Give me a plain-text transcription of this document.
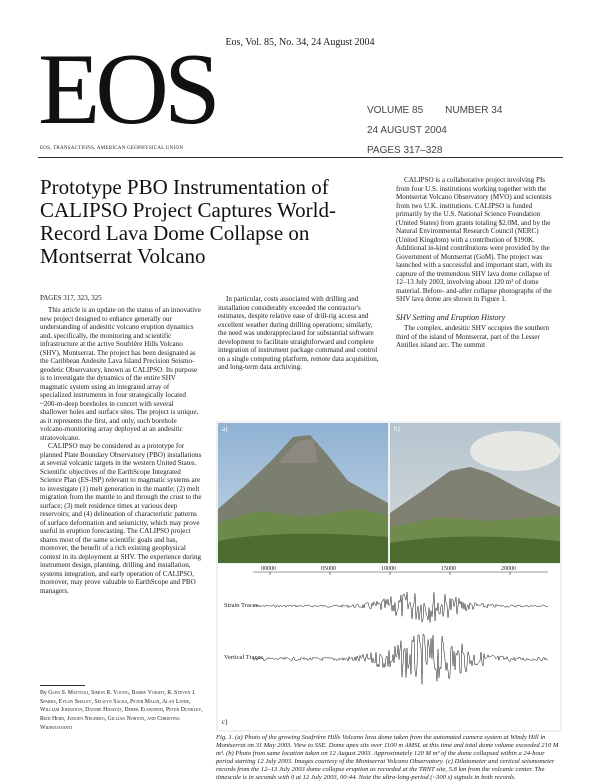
Eos, Vol. 85, No. 34, 24 August 2004
EOS
EOS, TRANSACTIONS, AMERICAN GEOPHYSICAL UNION
VOLUME 85 NUMBER 34
24 AUGUST 2004
PAGES 317–328
Prototype PBO Instrumentation of CALIPSO Project Captures World-Record Lava Dome Collapse on Montserrat Volcano
PAGES 317, 323, 325

This article is an update on the status of an innovative new project designed to enhance generally our understanding of andesitic volcano eruption dynamics and, specifically, the monitoring and scientific infrastructure at the active Soufrière Hills Volcano (SHV), Montserrat. The project has been designated as the Caribbean Andesite Lava Island Precision Seismo-geodetic Observatory, known as CALIPSO. Its purpose is to investigate the dynamics of the entire SHV magmatic system using an integrated array of specialized instruments in four strategically located ~200-m-deep boreholes in concert with several shallower holes and surface sites. The project is unique, as it represents the first, and only, such borehole volcano-monitoring array deployed at an andesitic stratovolcano.

CALIPSO may be considered as a prototype for planned Plate Boundary Observatory (PBO) installations at several volcanic targets in the western United States. Scientific objectives of the EarthScope Integrated Science Plan (ES-ISP) relevant to magmatic systems are to investigate (1) melt generation in the mantle; (2) melt migration from the mantle to and through the crust to the surface; (3) melt residence times at various deep reservoirs; and (4) delineation of characteristic patterns of surface deformation and seismicity, which may prove useful in eruption forecasting. The CALIPSO project shares most of the same scientific goals and has, moreover, the benefit of a rich existing geophysical context in its deployment at SHV. The experience during instrument design, planning, drilling and installation, systems integration, and early operation of CALIPSO, moreover, may prove valuable to EarthScope and PBO managers.

In particular, costs associated with drilling and installation considerably exceeded the contractor's estimates, despite relative ease of drill-rig access and excellent weather during drilling operations; similarly, the need was underappreciated for substantial software development to facilitate straightforward and complete integration of instrument package command and control on a single computing platform, remote data acquisition, and long-term data archiving.

CALIPSO is a collaborative project involving PIs from four U.S. institutions working together with the Montserrat Volcano Observatory (MVO) and scientists from two U.K. institutions. CALIPSO is funded primarily by the U.S. National Science Foundation (United States) from grants totaling $2.0M, and by the Natural Environmental Research Council (NERC) (United Kingdom) with a contribution of $190K. Additional in-kind contributions were provided by the Government of Montserrat (GoM). The project was launched with a successful and important start, with its capture of the tremendous SHV lava dome collapse of 12–13 July 2003, involving about 120 m³ of dome material. Before- and-after collapse photographs of the SHV lava dome are shown in Figure 1.

SHV Setting and Eruption History

The complex, andesitic SHV occupies the southern third of the island of Montserrat, part of the Lesser Antilles island arc. The summit

By Glen S. Mattioli, Simon R. Young, Barry Voight, R. Steven J. Sparks, Eylon Shalev, Selwyn Sacks, Peter Malin, Alan Linde, William Johnston, Dannie Hidayat, Derek Elsworth, Peter Dunkley, Reid Herd, Jurgen Neuberg, Gillian Norton, and Christina Widiwijayanti
a)	b)
00000	05000	10000	15000	20000
Strain Traces
Vertical Traces
c)
Fig. 1. (a) Photo of the growing Soufrière Hills Volcano lava dome taken from the automated camera system at Windy Hill in Montserrat on 31 May 2003. View to SSE. Dome apex sits over 1100 m AMSL at this time and total dome volume exceeded 210 M m³. (b) Photo from same location taken on 12 August 2003. Approximately 120 M m³ of the dome collapsed within a 24-hour period starting 12 July 2003. Images courtesy of the Montserrat Volcano Observatory. (c) Dilatometer and vertical seismometer records from the 12–13 July 2003 dome collapse eruption as recorded at the TRNT site, 5.8 km from the volcanic center. The timescale is in seconds with 0 at 12 July 2003, 00:44. Note the ultra-long-period (~300 s) signals in both records.
